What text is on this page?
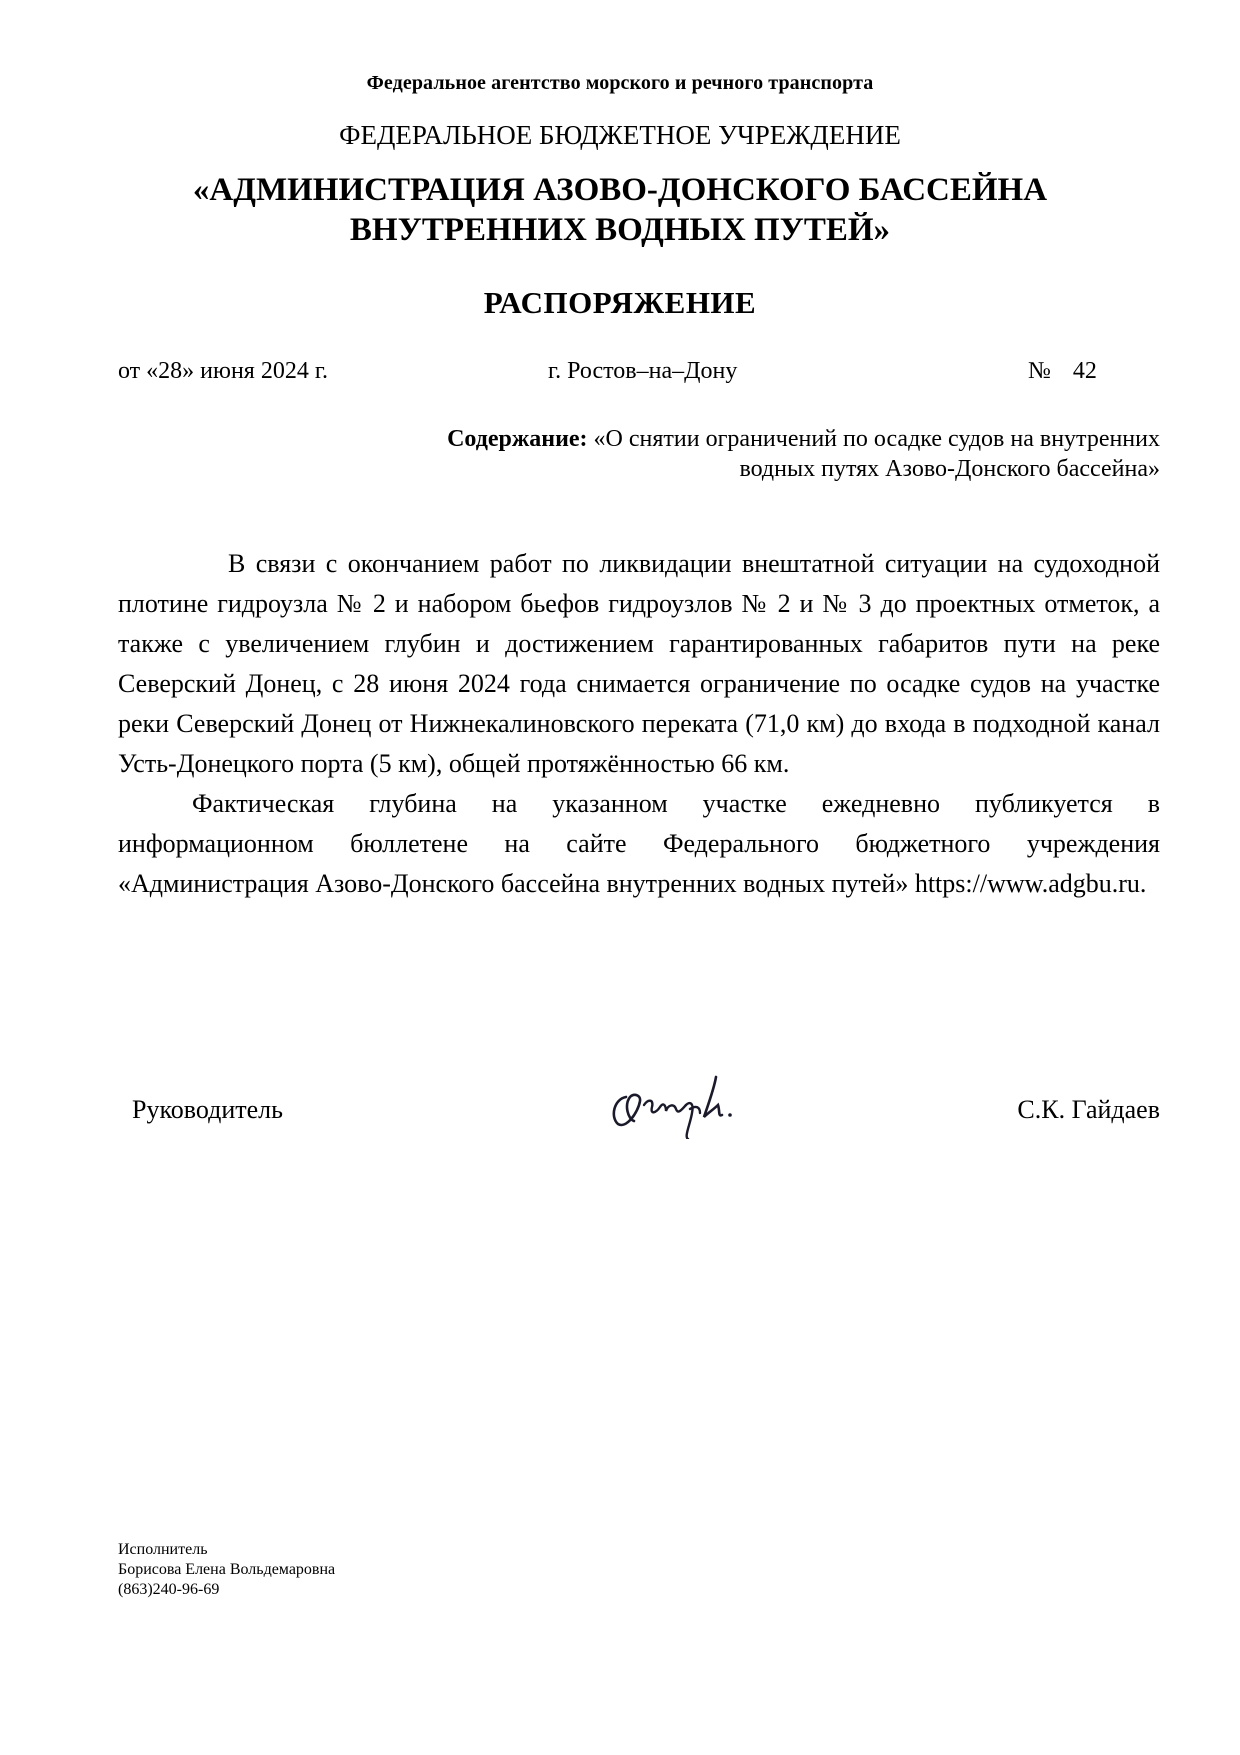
Федеральное агентство морского и речного транспорта
ФЕДЕРАЛЬНОЕ БЮДЖЕТНОЕ УЧРЕЖДЕНИЕ
«АДМИНИСТРАЦИЯ АЗОВО-ДОНСКОГО БАССЕЙНА
ВНУТРЕННИХ ВОДНЫХ ПУТЕЙ»
РАСПОРЯЖЕНИЕ
от «28» июня 2024 г.	г. Ростов–на–Дону	№ 42
Содержание: «О снятии ограничений по осадке судов на внутренних
водных путях Азово-Донского бассейна»

В связи с окончанием работ по ликвидации внештатной ситуации на судоходной плотине гидроузла № 2 и набором бьефов гидроузлов № 2 и № 3 до проектных отметок, а также с увеличением глубин и достижением гарантированных габаритов пути на реке Северский Донец, с 28 июня 2024 года снимается ограничение по осадке судов на участке реки Северский Донец от Нижнекалиновского переката (71,0 км) до входа в подходной канал Усть-Донецкого порта (5 км), общей протяжённостью 66 км.

Фактическая глубина на указанном участке ежедневно публикуется в информационном бюллетене на сайте Федерального бюджетного учреждения «Администрация Азово-Донского бассейна внутренних водных путей» https://www.adgbu.ru.

Руководитель	С.К. Гайдаев
Исполнитель
Борисова Елена Вольдемаровна
(863)240-96-69
